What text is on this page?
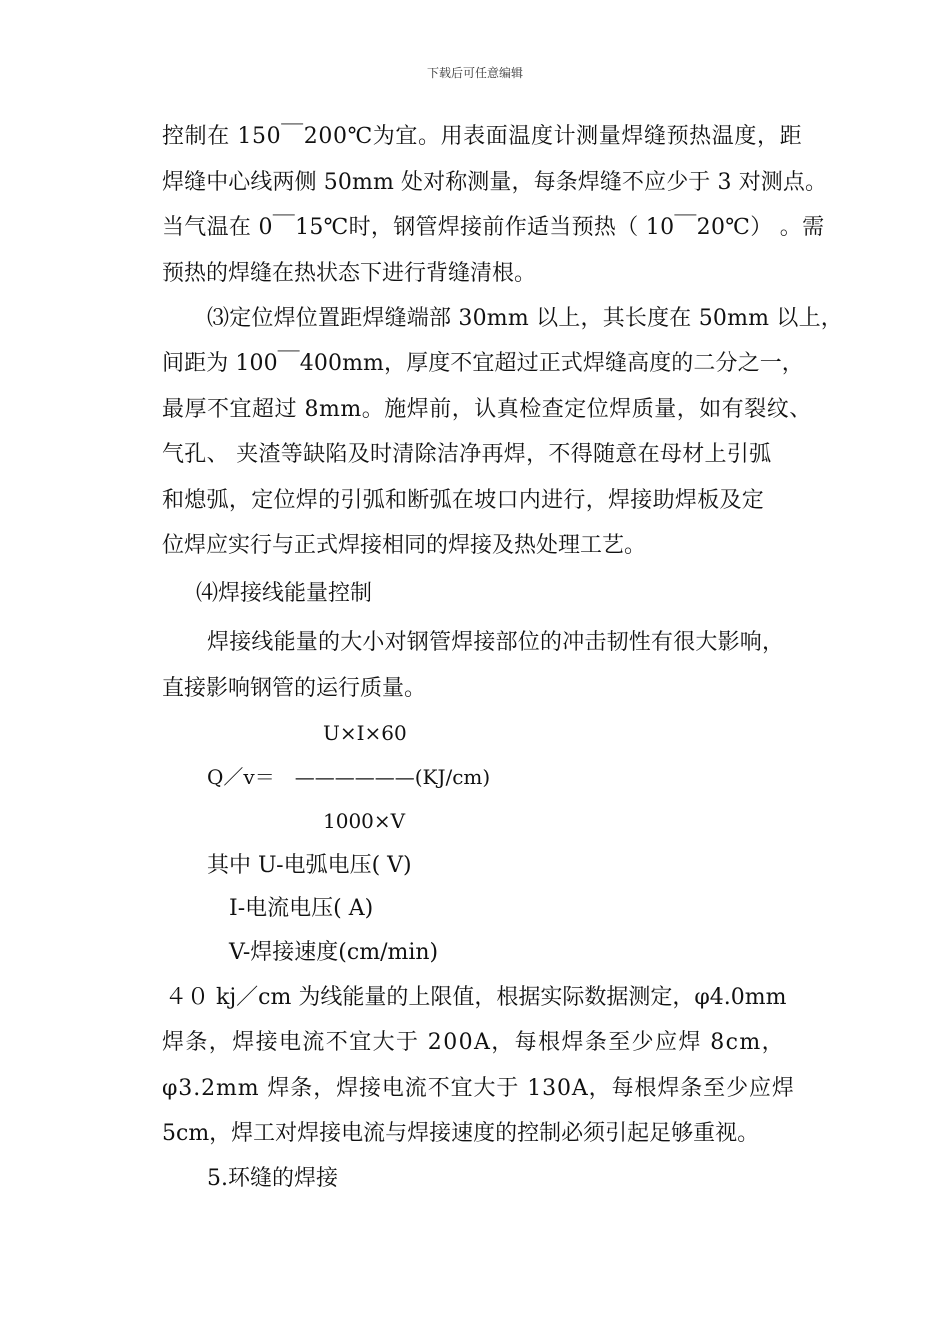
下载后可任意编辑
控制在 150￣200℃为宜。用表面温度计测量焊缝预热温度，距
焊缝中心线两侧 50mm 处对称测量，每条焊缝不应少于 3 对测点。
当气温在 0￣15℃时，钢管焊接前作适当预热（ 10￣20℃） 。需
预热的焊缝在热状态下进行背缝清根。
⑶定位焊位置距焊缝端部 30mm 以上，其长度在 50mm 以上，
间距为 100￣400mm，厚度不宜超过正式焊缝高度的二分之一，
最厚不宜超过 8mm。施焊前，认真检查定位焊质量，如有裂纹、
气孔、 夹渣等缺陷及时清除洁净再焊，不得随意在母材上引弧
和熄弧，定位焊的引弧和断弧在坡口内进行，焊接助焊板及定
位焊应实行与正式焊接相同的焊接及热处理工艺。
⑷焊接线能量控制
焊接线能量的大小对钢管焊接部位的冲击韧性有很大影响，
直接影响钢管的运行质量。
U×I×60
Q／v＝　——————(KJ/cm)
1000×V
其中 U-电弧电压( V)
I-电流电压( A)
V-焊接速度(cm/min)
４０ kj／cm 为线能量的上限值，根据实际数据测定，φ4.0mm
焊条，焊接电流不宜大于 200A，每根焊条至少应焊 8cm，
φ3.2mm 焊条，焊接电流不宜大于 130A，每根焊条至少应焊
5cm，焊工对焊接电流与焊接速度的控制必须引起足够重视。
5.环缝的焊接
